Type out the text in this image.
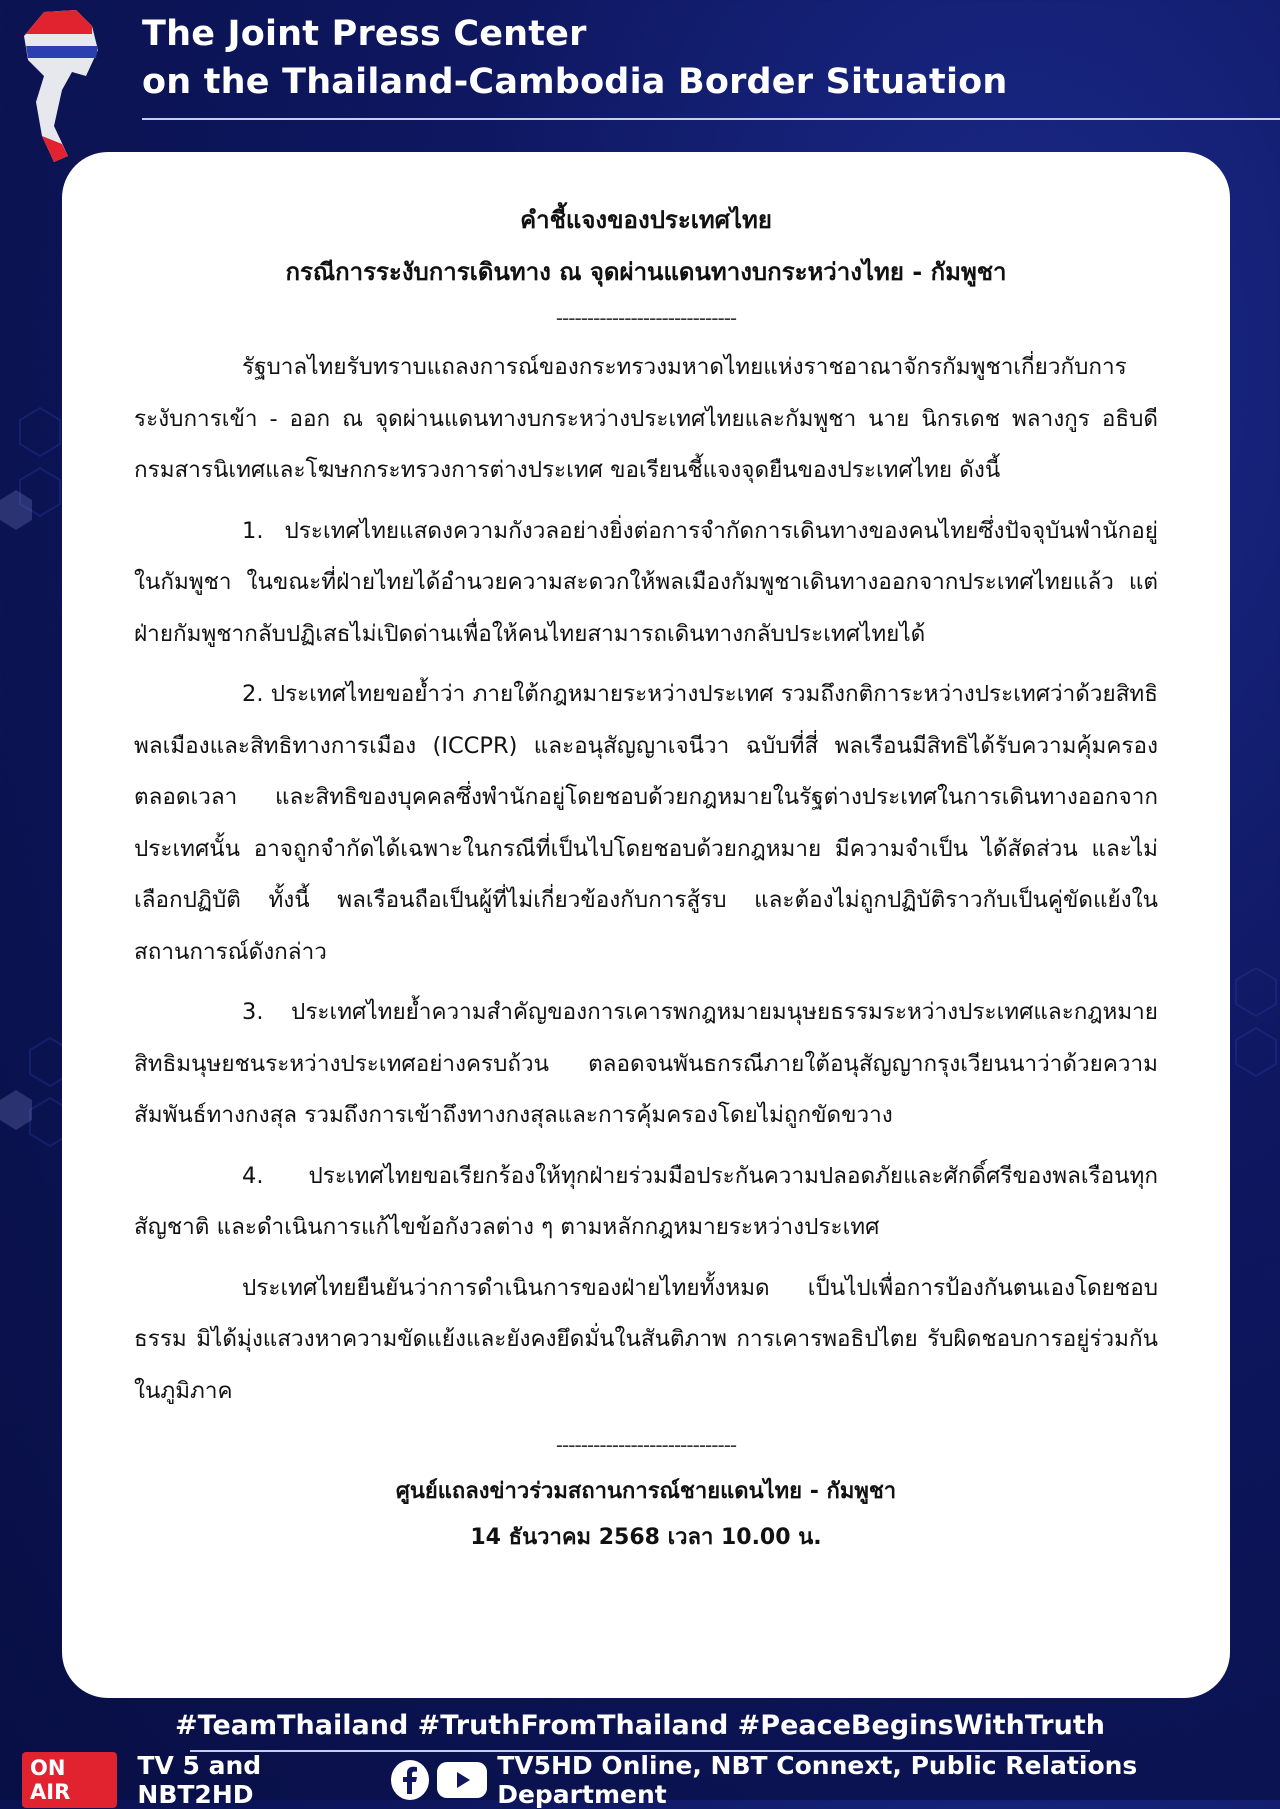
The Joint Press Center
on the Thailand-Cambodia Border Situation
คำชี้แจงของประเทศไทย
กรณีการระงับการเดินทาง ณ จุดผ่านแดนทางบกระหว่างไทย - กัมพูชา
-----------------------------

รัฐบาลไทยรับทราบแถลงการณ์ของกระทรวงมหาดไทยแห่งราชอาณาจักรกัมพูชาเกี่ยวกับการระงับการเข้า - ออก ณ จุดผ่านแดนทางบกระหว่างประเทศไทยและกัมพูชา นาย นิกรเดช พลางกูร อธิบดีกรมสารนิเทศและโฆษกกระทรวงการต่างประเทศ ขอเรียนชี้แจงจุดยืนของประเทศไทย ดังนี้

1. ประเทศไทยแสดงความกังวลอย่างยิ่งต่อการจำกัดการเดินทางของคนไทยซึ่งปัจจุบันพำนักอยู่ในกัมพูชา ในขณะที่ฝ่ายไทยได้อำนวยความสะดวกให้พลเมืองกัมพูชาเดินทางออกจากประเทศไทยแล้ว แต่ฝ่ายกัมพูชากลับปฏิเสธไม่เปิดด่านเพื่อให้คนไทยสามารถเดินทางกลับประเทศไทยได้

2. ประเทศไทยขอย้ำว่า ภายใต้กฎหมายระหว่างประเทศ รวมถึงกติการะหว่างประเทศว่าด้วยสิทธิพลเมืองและสิทธิทางการเมือง (ICCPR) และอนุสัญญาเจนีวา ฉบับที่สี่ พลเรือนมีสิทธิได้รับความคุ้มครองตลอดเวลา และสิทธิของบุคคลซึ่งพำนักอยู่โดยชอบด้วยกฎหมายในรัฐต่างประเทศในการเดินทางออกจากประเทศนั้น อาจถูกจำกัดได้เฉพาะในกรณีที่เป็นไปโดยชอบด้วยกฎหมาย มีความจำเป็น ได้สัดส่วน และไม่เลือกปฏิบัติ ทั้งนี้ พลเรือนถือเป็นผู้ที่ไม่เกี่ยวข้องกับการสู้รบ และต้องไม่ถูกปฏิบัติราวกับเป็นคู่ขัดแย้งในสถานการณ์ดังกล่าว

3. ประเทศไทยย้ำความสำคัญของการเคารพกฎหมายมนุษยธรรมระหว่างประเทศและกฎหมายสิทธิมนุษยชนระหว่างประเทศอย่างครบถ้วน ตลอดจนพันธกรณีภายใต้อนุสัญญากรุงเวียนนาว่าด้วยความสัมพันธ์ทางกงสุล รวมถึงการเข้าถึงทางกงสุลและการคุ้มครองโดยไม่ถูกขัดขวาง

4. ประเทศไทยขอเรียกร้องให้ทุกฝ่ายร่วมมือประกันความปลอดภัยและศักดิ์ศรีของพลเรือนทุกสัญชาติ และดำเนินการแก้ไขข้อกังวลต่าง ๆ ตามหลักกฎหมายระหว่างประเทศ

ประเทศไทยยืนยันว่าการดำเนินการของฝ่ายไทยทั้งหมด เป็นไปเพื่อการป้องกันตนเองโดยชอบธรรม มิได้มุ่งแสวงหาความขัดแย้งและยังคงยึดมั่นในสันติภาพ การเคารพอธิปไตย รับผิดชอบการอยู่ร่วมกันในภูมิภาค

-----------------------------
ศูนย์แถลงข่าวร่วมสถานการณ์ชายแดนไทย - กัมพูชา
14 ธันวาคม 2568 เวลา 10.00 น.
#TeamThailand #TruthFromThailand #PeaceBeginsWithTruth
ON AIR
TV 5 and NBT2HD
TV5HD Online, NBT Connext, Public Relations Department
